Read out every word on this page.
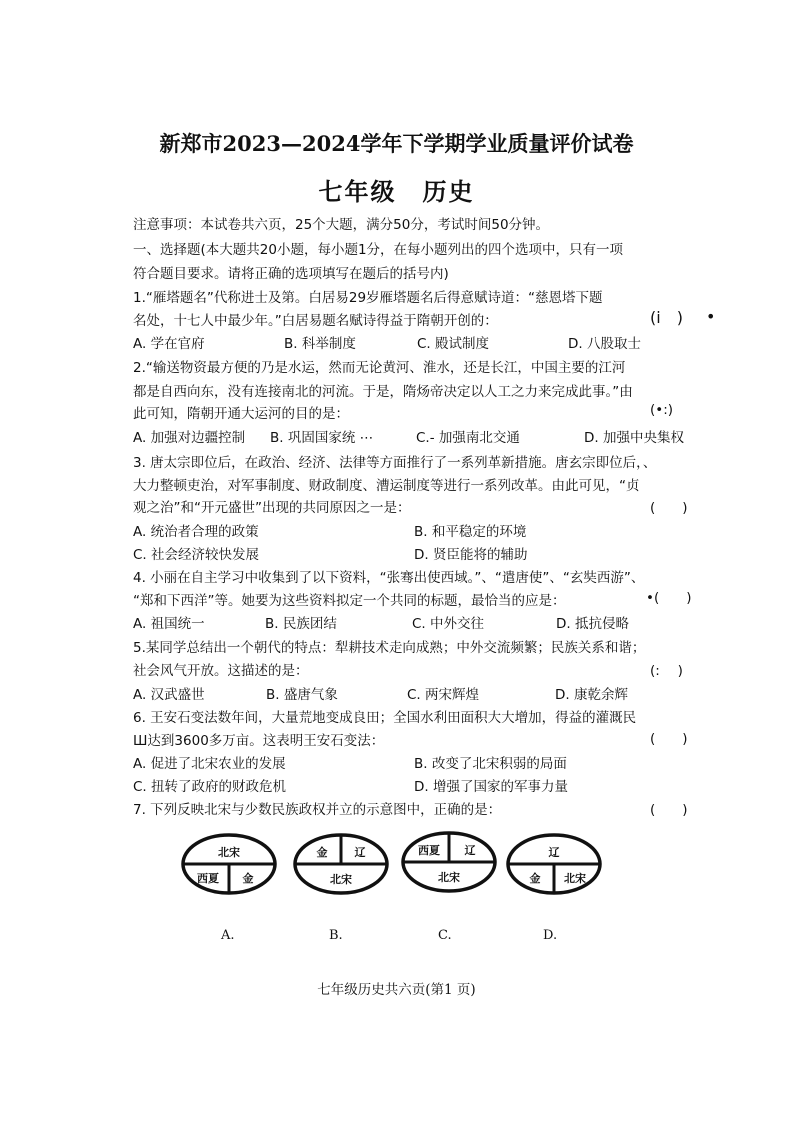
新郑市2023—2024学年下学期学业质量评价试卷
七年级　历史
注意事项：本试卷共六页，25个大题，满分50分，考试时间50分钟。
一、选择题(本大题共20小题，每小题1分，在每小题列出的四个选项中，只有一项
符合题目要求。请将正确的选项填写在题后的括号内)
1.“雁塔题名”代称进士及第。白居易29岁雁塔题名后得意赋诗道：“慈恩塔下题
名处，十七人中最少年。”白居易题名赋诗得益于隋朝开创的：	(i　) •
A. 学在官府	B. 科举制度	C. 殿试制度	D. 八股取士
2.“输送物资最方便的乃是水运，然而无论黄河、淮水，还是长江，中国主要的江河
都是自西向东，没有连接南北的河流。于是，隋炀帝决定以人工之力来完成此事。”由
此可知，隋朝开通大运河的目的是：	(•:)
A. 加强对边疆控制 B. 巩固国家统 ⋯	C.- 加强南北交通	D. 加强中央集权
3. 唐太宗即位后，在政治、经济、法律等方面推行了一系列革新措施。唐玄宗即位后，、
大力整顿吏治，对军事制度、财政制度、漕运制度等进行一系列改革。由此可见，“贞
观之治”和“开元盛世”出现的共同原因之一是：	(　　)
A. 统治者合理的政策	B. 和平稳定的环境
C. 社会经济较快发展	D. 贤臣能将的辅助
4. 小丽在自主学习中收集到了以下资料，“张骞出使西域。”、“遣唐使”、“玄奘西游”、
“郑和下西洋”等。她要为这些资料拟定一个共同的标题，最恰当的应是：	•(　　)
A. 祖国统一	B. 民族团结	C. 中外交往	D. 抵抗侵略
5.某同学总结出一个朝代的特点：犁耕技术走向成熟；中外交流频繁；民族关系和谐；
社会风气开放。这描述的是：	(:　 )
A. 汉武盛世	B. 盛唐气象	C. 两宋辉煌	D. 康乾余辉
6. 王安石变法数年间，大量荒地变成良田；全国水利田面积大大增加，得益的灌溉民
Ш达到3600多万亩。这表明王安石变法：	(　　)
A. 促进了北宋农业的发展	B. 改变了北宋积弱的局面
C. 扭转了政府的财政危机	D. 增强了国家的军事力量
7. 下列反映北宋与少数民族政权并立的示意图中，正确的是：	(　　)
北宋
西夏 金
金 辽
北宋
西夏 辽
北宋
辽
金 北宋
A.	B.	C.	D.
七年级历史共六贡(第1 页)
